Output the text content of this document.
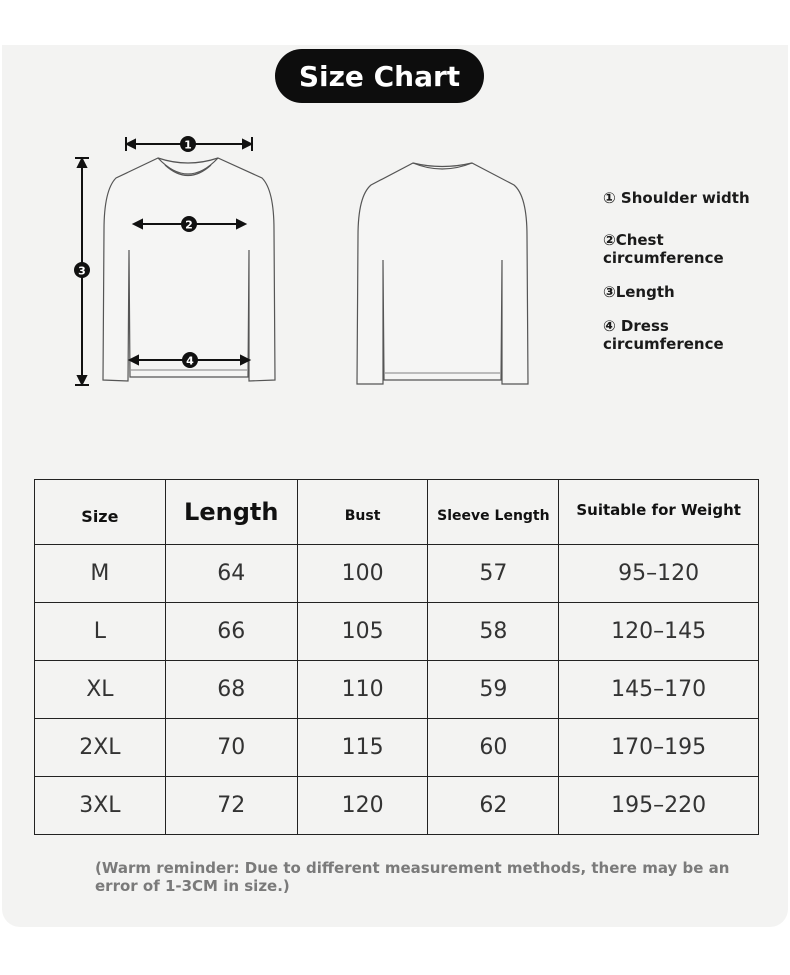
Size Chart
1
2
3
4
① Shoulder width
②Chest circumference
③Length
④ Dress circumference
Size	Length	Bust	Sleeve Length	Suitable for Weight
M	64	100	57	95–120
L	66	105	58	120–145
XL	68	110	59	145–170
2XL	70	115	60	170–195
3XL	72	120	62	195–220
(Warm reminder: Due to different measurement methods, there may be an error of 1-3CM in size.)
